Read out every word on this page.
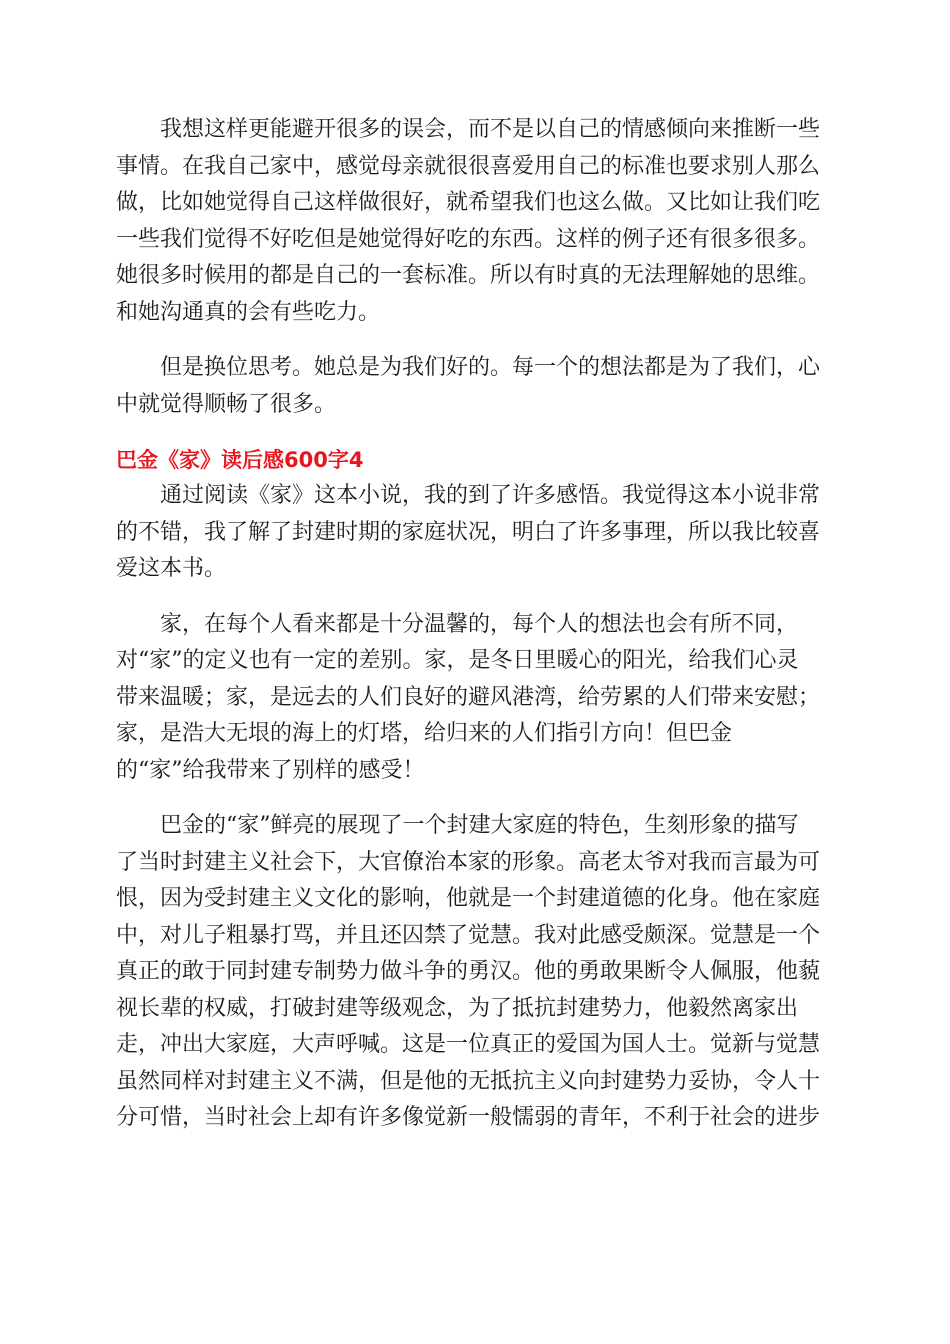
　　我想这样更能避开很多的误会，而不是以自己的情感倾向来推断一些
事情。在我自己家中，感觉母亲就很很喜爱用自己的标准也要求别人那么
做，比如她觉得自己这样做很好，就希望我们也这么做。又比如让我们吃
一些我们觉得不好吃但是她觉得好吃的东西。这样的例子还有很多很多。
她很多时候用的都是自己的一套标准。所以有时真的无法理解她的思维。
和她沟通真的会有些吃力。

　　但是换位思考。她总是为我们好的。每一个的想法都是为了我们，心
中就觉得顺畅了很多。

巴金《家》读后感600字4

　　通过阅读《家》这本小说，我的到了许多感悟。我觉得这本小说非常
的不错，我了解了封建时期的家庭状况，明白了许多事理，所以我比较喜
爱这本书。

　　家，在每个人看来都是十分温馨的，每个人的想法也会有所不同，
对“家”的定义也有一定的差别。家，是冬日里暖心的阳光，给我们心灵
带来温暖；家，是远去的人们良好的避风港湾，给劳累的人们带来安慰；
家，是浩大无垠的海上的灯塔，给归来的人们指引方向！但巴金
的“家”给我带来了别样的感受！

　　巴金的“家”鲜亮的展现了一个封建大家庭的特色，生刻形象的描写
了当时封建主义社会下，大官僚治本家的形象。高老太爷对我而言最为可
恨，因为受封建主义文化的影响，他就是一个封建道德的化身。他在家庭
中，对儿子粗暴打骂，并且还囚禁了觉慧。我对此感受颇深。觉慧是一个
真正的敢于同封建专制势力做斗争的勇汉。他的勇敢果断令人佩服，他藐
视长辈的权威，打破封建等级观念，为了抵抗封建势力，他毅然离家出
走，冲出大家庭，大声呼喊。这是一位真正的爱国为国人士。觉新与觉慧
虽然同样对封建主义不满，但是他的无抵抗主义向封建势力妥协，令人十
分可惜，当时社会上却有许多像觉新一般懦弱的青年，不利于社会的进步
